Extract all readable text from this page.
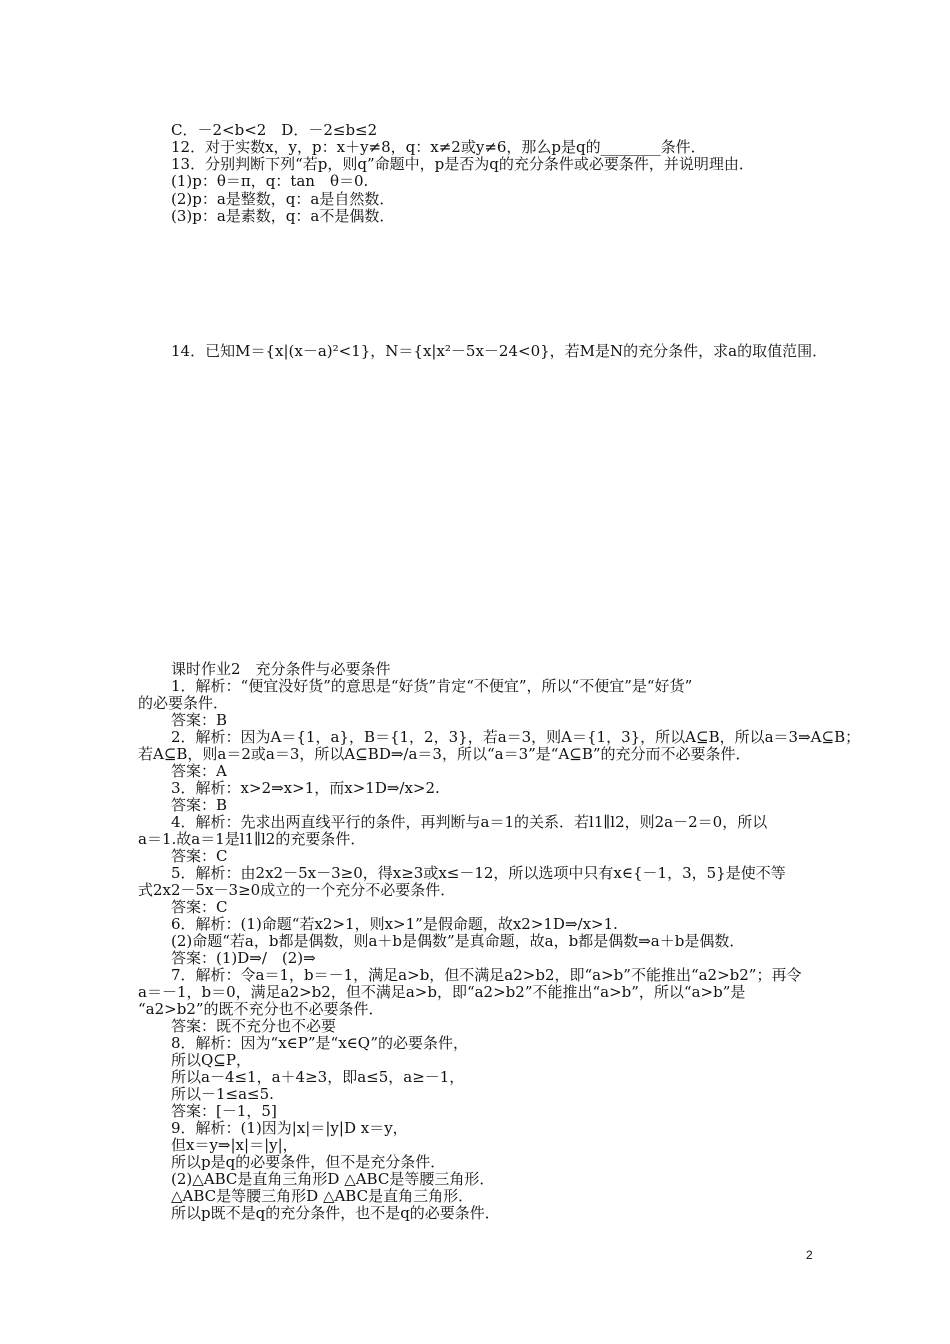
C．－2<b<2　D．－2≤b≤2
12．对于实数x，y，p：x＋y≠8，q：x≠2或y≠6，那么p是q的________条件．
13．分别判断下列“若p，则q”命题中，p是否为q的充分条件或必要条件，并说明理由．
(1)p：θ＝π，q：tan　θ＝0.
(2)p：a是整数，q：a是自然数．
(3)p：a是素数，q：a不是偶数．
14．已知M＝{x|(x－a)²<1}，N＝{x|x²－5x－24<0}，若M是N的充分条件，求a的取值范围．
课时作业2　充分条件与必要条件
1．解析：“便宜没好货”的意思是“好货”肯定“不便宜”，所以“不便宜”是“好货”
的必要条件．
答案：B
2．解析：因为A＝{1，a}，B＝{1，2，3}，若a＝3，则A＝{1，3}，所以A⊆B，所以a＝3⇒A⊆B；
若A⊆B，则a＝2或a＝3，所以A⊆BD⇒/a＝3，所以“a＝3”是“A⊆B”的充分而不必要条件．
答案：A
3．解析：x>2⇒x>1，而x>1D⇒/x>2.
答案：B
4．解析：先求出两直线平行的条件，再判断与a＝1的关系．若l1∥l2，则2a－2＝0，所以
a＝1.故a＝1是l1∥l2的充要条件．
答案：C
5．解析：由2x2－5x－3≥0，得x≥3或x≤－12，所以选项中只有x∈{－1，3，5}是使不等
式2x2－5x－3≥0成立的一个充分不必要条件．
答案：C
6．解析：(1)命题“若x2>1，则x>1”是假命题，故x2>1D⇒/x>1.
(2)命题“若a，b都是偶数，则a＋b是偶数”是真命题，故a，b都是偶数⇒a＋b是偶数．
答案：(1)D⇒/　(2)⇒
7．解析：令a＝1，b＝－1，满足a>b，但不满足a2>b2，即“a>b”不能推出“a2>b2”；再令
a＝－1，b＝0，满足a2>b2，但不满足a>b，即“a2>b2”不能推出“a>b”，所以“a>b”是
“a2>b2”的既不充分也不必要条件．
答案：既不充分也不必要
8．解析：因为“x∈P”是“x∈Q”的必要条件，
所以Q⊆P，
所以a－4≤1，a＋4≥3，即a≤5，a≥－1，
所以－1≤a≤5.
答案：[－1，5]
9．解析：(1)因为|x|＝|y|D x＝y，
但x＝y⇒|x|＝|y|，
所以p是q的必要条件，但不是充分条件．
(2)△ABC是直角三角形D △ABC是等腰三角形．
△ABC是等腰三角形D △ABC是直角三角形．
所以p既不是q的充分条件，也不是q的必要条件．
2
